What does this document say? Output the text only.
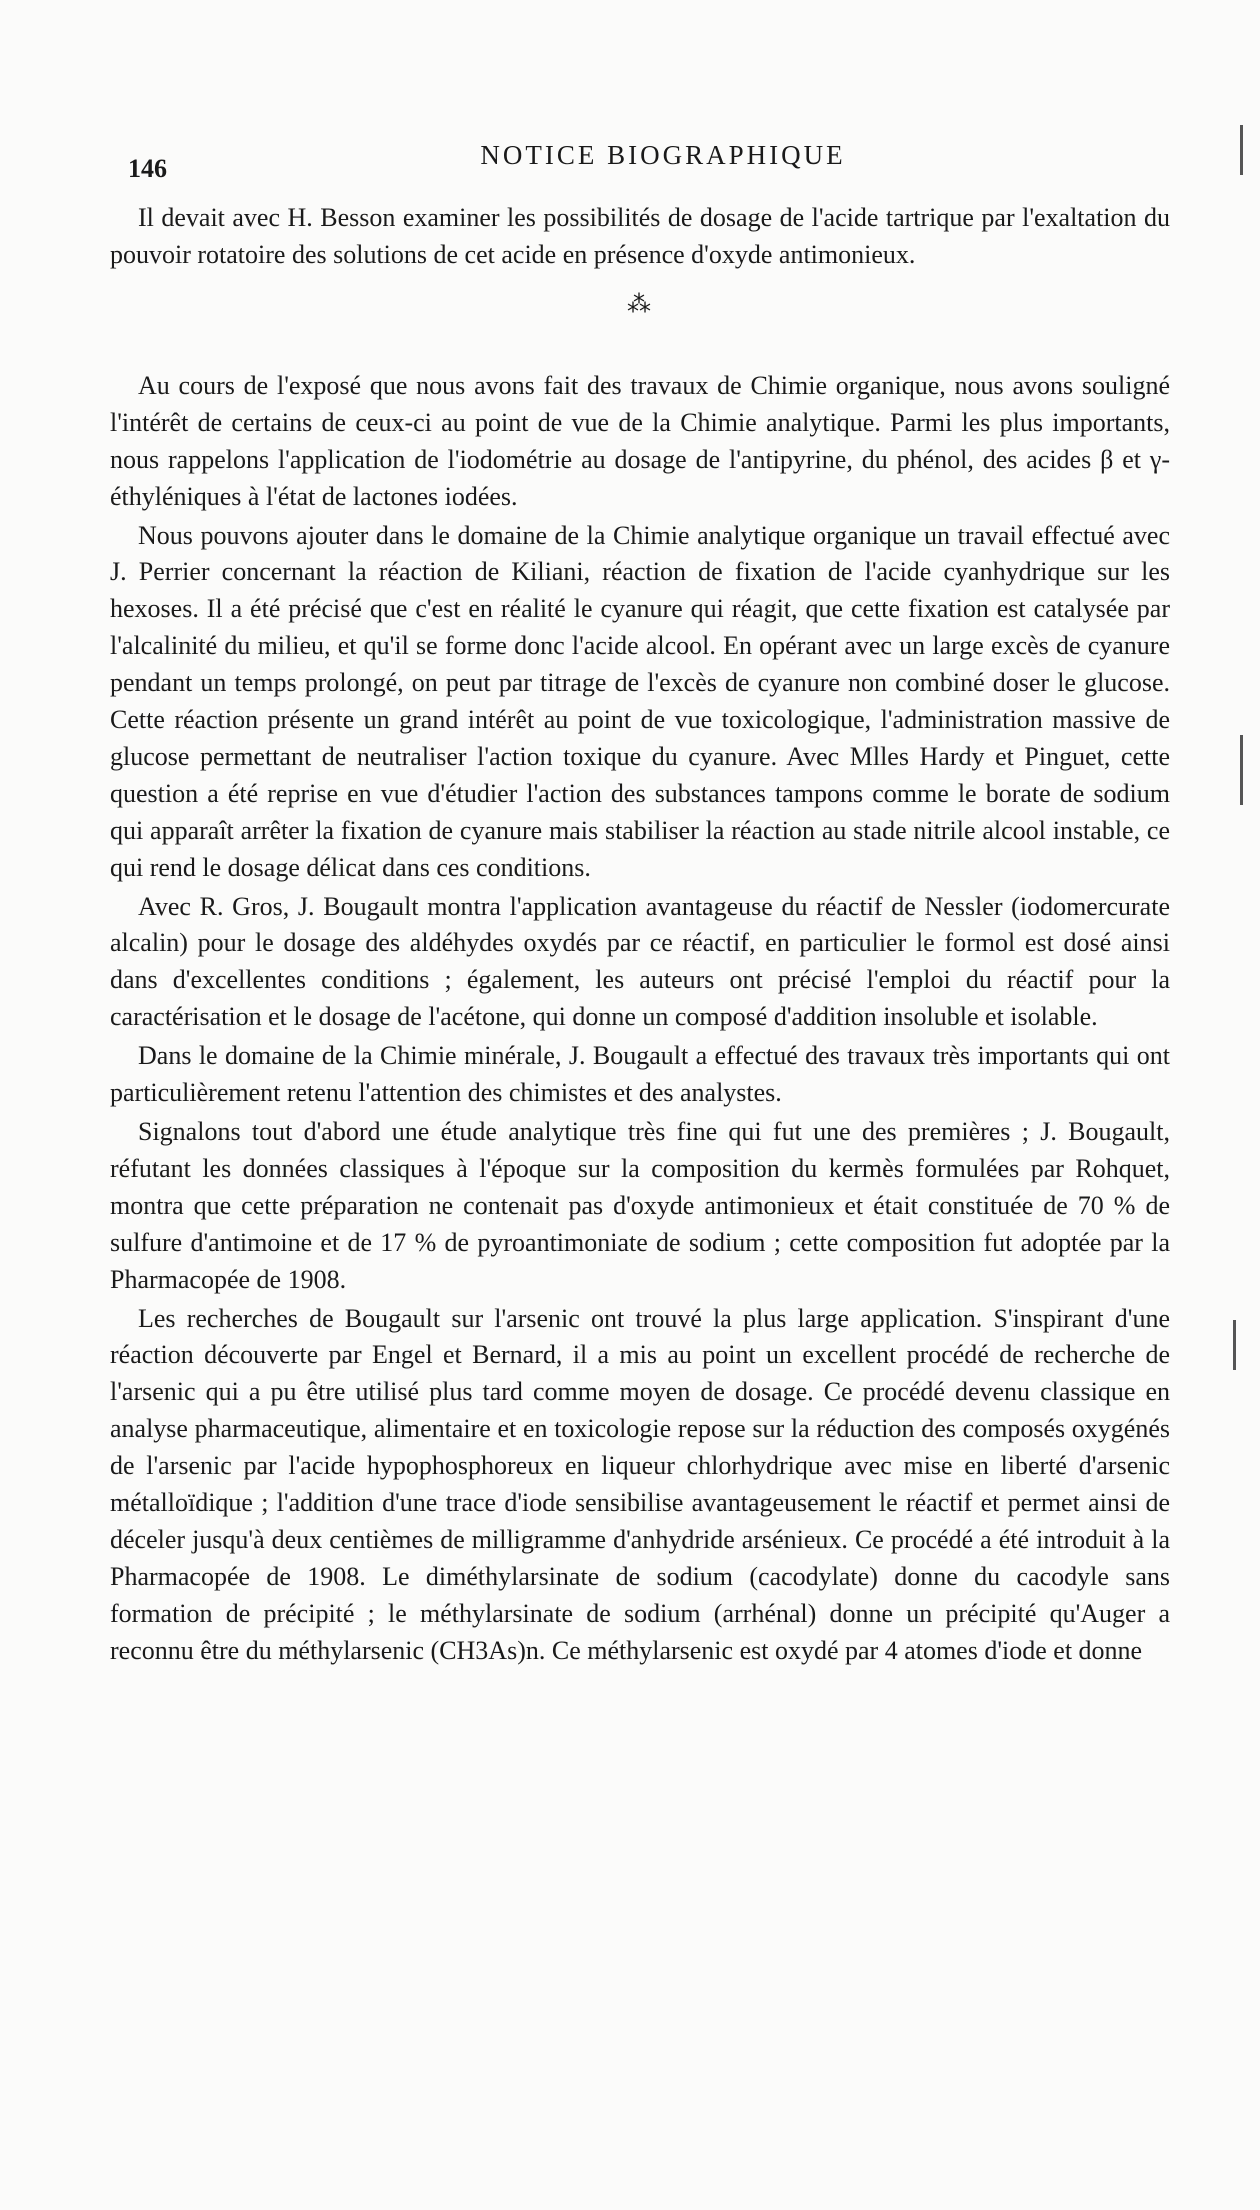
146	NOTICE BIOGRAPHIQUE

Il devait avec H. Besson examiner les possibilités de dosage de l'acide tartrique par l'exaltation du pouvoir rotatoire des solutions de cet acide en présence d'oxyde antimonieux.

⁂

Au cours de l'exposé que nous avons fait des travaux de Chimie organique, nous avons souligné l'intérêt de certains de ceux-ci au point de vue de la Chimie analytique. Parmi les plus importants, nous rappelons l'application de l'iodométrie au dosage de l'antipyrine, du phénol, des acides β et γ-éthyléniques à l'état de lactones iodées.

Nous pouvons ajouter dans le domaine de la Chimie analytique organique un travail effectué avec J. Perrier concernant la réaction de Kiliani, réaction de fixation de l'acide cyanhydrique sur les hexoses. Il a été précisé que c'est en réalité le cyanure qui réagit, que cette fixation est catalysée par l'alcalinité du milieu, et qu'il se forme donc l'acide alcool. En opérant avec un large excès de cyanure pendant un temps prolongé, on peut par titrage de l'excès de cyanure non combiné doser le glucose. Cette réaction présente un grand intérêt au point de vue toxicologique, l'administration massive de glucose permettant de neutraliser l'action toxique du cyanure. Avec Mlles Hardy et Pinguet, cette question a été reprise en vue d'étudier l'action des substances tampons comme le borate de sodium qui apparaît arrêter la fixation de cyanure mais stabiliser la réaction au stade nitrile alcool instable, ce qui rend le dosage délicat dans ces conditions.

Avec R. Gros, J. Bougault montra l'application avantageuse du réactif de Nessler (iodomercurate alcalin) pour le dosage des aldéhydes oxydés par ce réactif, en particulier le formol est dosé ainsi dans d'excellentes conditions ; également, les auteurs ont précisé l'emploi du réactif pour la caractérisation et le dosage de l'acétone, qui donne un composé d'addition insoluble et isolable.

Dans le domaine de la Chimie minérale, J. Bougault a effectué des travaux très importants qui ont particulièrement retenu l'attention des chimistes et des analystes.

Signalons tout d'abord une étude analytique très fine qui fut une des premières ; J. Bougault, réfutant les données classiques à l'époque sur la composition du kermès formulées par Rohquet, montra que cette préparation ne contenait pas d'oxyde antimonieux et était constituée de 70 % de sulfure d'antimoine et de 17 % de pyroantimoniate de sodium ; cette composition fut adoptée par la Pharmacopée de 1908.

Les recherches de Bougault sur l'arsenic ont trouvé la plus large application. S'inspirant d'une réaction découverte par Engel et Bernard, il a mis au point un excellent procédé de recherche de l'arsenic qui a pu être utilisé plus tard comme moyen de dosage. Ce procédé devenu classique en analyse pharmaceutique, alimentaire et en toxicologie repose sur la réduction des composés oxygénés de l'arsenic par l'acide hypophosphoreux en liqueur chlorhydrique avec mise en liberté d'arsenic métalloïdique ; l'addition d'une trace d'iode sensibilise avantageusement le réactif et permet ainsi de déceler jusqu'à deux centièmes de milligramme d'anhydride arsénieux. Ce procédé a été introduit à la Pharmacopée de 1908. Le diméthylarsinate de sodium (cacodylate) donne du cacodyle sans formation de précipité ; le méthylarsinate de sodium (arrhénal) donne un précipité qu'Auger a reconnu être du méthylarsenic (CH3As)n. Ce méthylarsenic est oxydé par 4 atomes d'iode et donne
